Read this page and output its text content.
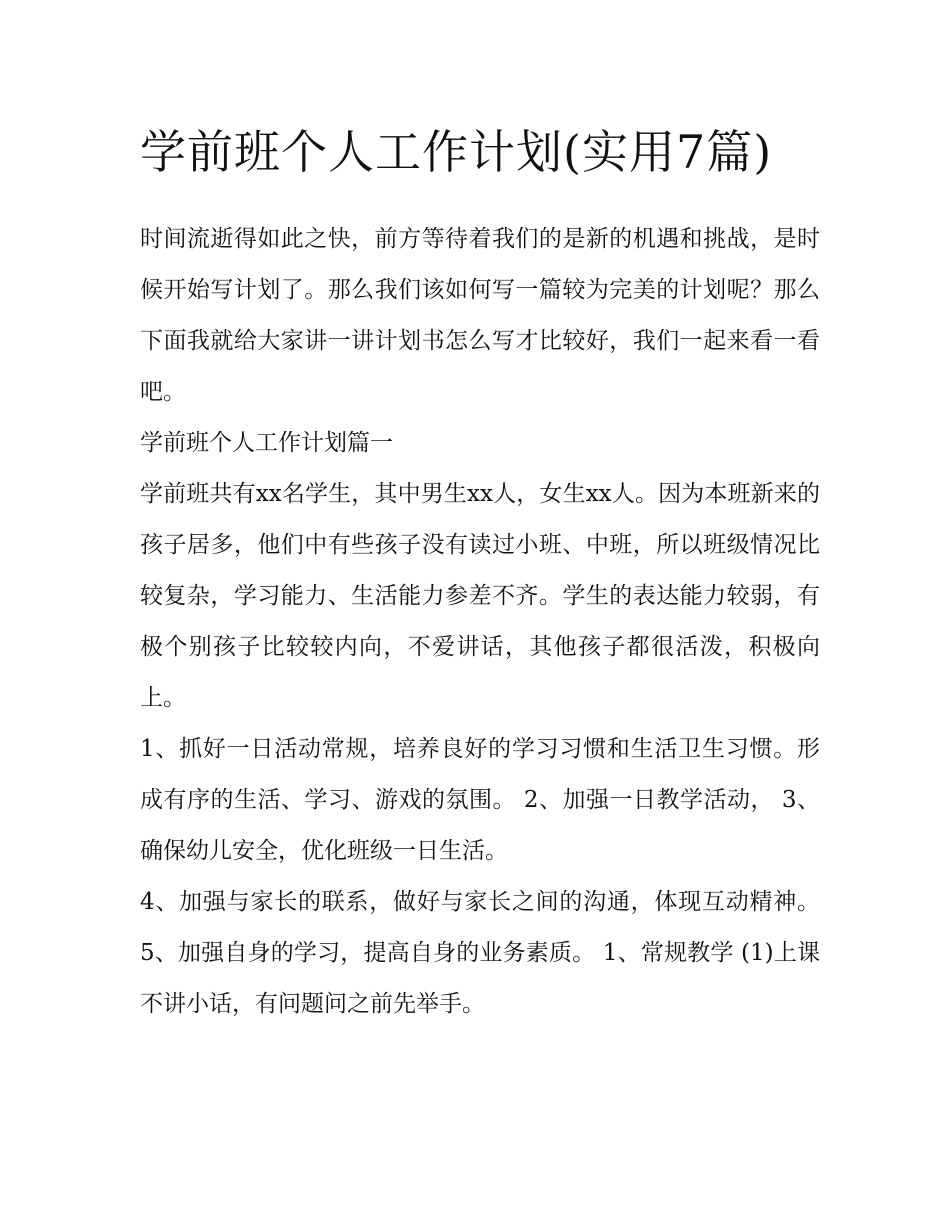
学前班个人工作计划(实用7篇)

时间流逝得如此之快，前方等待着我们的是新的机遇和挑战，是时候开始写计划了。那么我们该如何写一篇较为完美的计划呢？那么下面我就给大家讲一讲计划书怎么写才比较好，我们一起来看一看吧。

学前班个人工作计划篇一

学前班共有xx名学生，其中男生xx人，女生xx人。因为本班新来的孩子居多，他们中有些孩子没有读过小班、中班，所以班级情况比较复杂，学习能力、生活能力参差不齐。学生的表达能力较弱，有极个别孩子比较较内向，不爱讲话，其他孩子都很活泼，积极向上。

1、抓好一日活动常规，培养良好的学习习惯和生活卫生习惯。形成有序的生活、学习、游戏的氛围。 2、加强一日教学活动， 3、确保幼儿安全，优化班级一日生活。

4、加强与家长的联系，做好与家长之间的沟通，体现互动精神。 5、加强自身的学习，提高自身的业务素质。 1、常规教学 (1)上课不讲小话，有问题问之前先举手。
